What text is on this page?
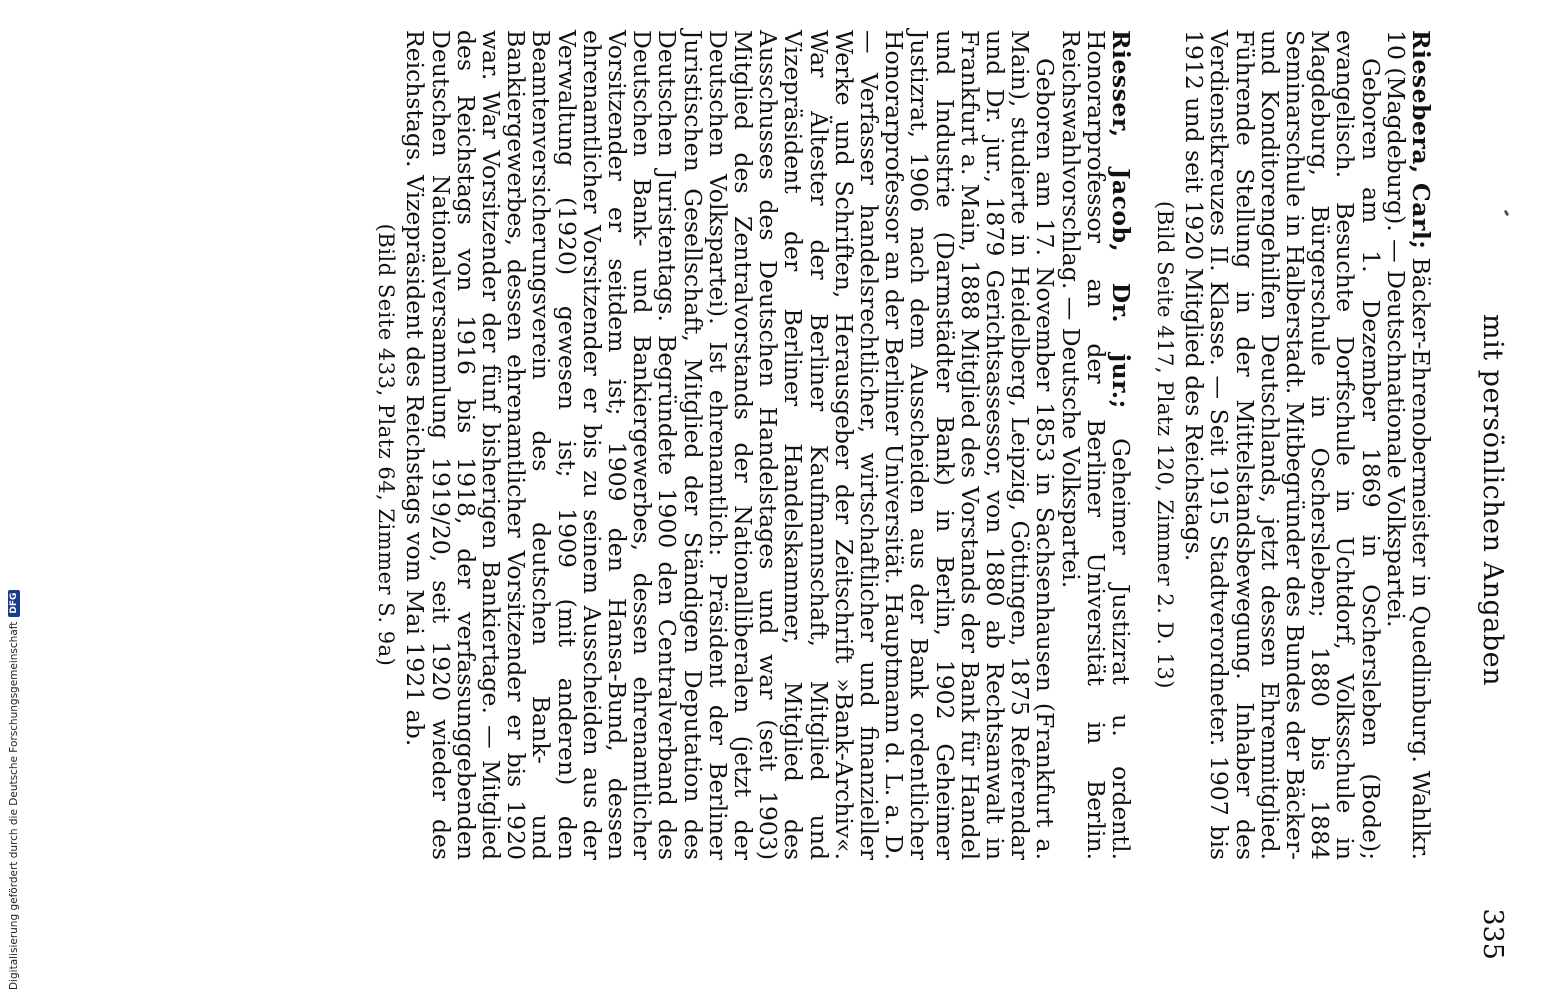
mit persönlichen Angaben
335

Riesebera, Carl; Bäcker-Ehrenobermeister in Quedlinburg. Wahlkr. 10 (Magdeburg). — Deutschnationale Volkspartei.

Geboren am 1. Dezember 1869 in Oschersleben (Bode); evangelisch. Besuchte Dorfschule in Uchtdorf, Volksschule in Magdeburg, Bürgerschule in Oschersleben; 1880 bis 1884 Seminarschule in Halberstadt. Mitbegründer des Bundes der Bäcker- und Konditorengehilfen Deutschlands, jetzt dessen Ehrenmitglied. Führende Stellung in der Mittelstandsbewegung. Inhaber des Verdienstkreuzes II. Klasse. — Seit 1915 Stadtverordneter. 1907 bis 1912 und seit 1920 Mitglied des Reichstags.

(Bild Seite 417, Platz 120, Zimmer 2. D. 13)

Riesser, Jacob, Dr. jur.; Geheimer Justizrat u. ordentl. Honorarprofessor an der Berliner Universität in Berlin. Reichswahlvorschlag. — Deutsche Volkspartei.

Geboren am 17. November 1853 in Sachsenhausen (Frankfurt a. Main), studierte in Heidelberg, Leipzig, Göttingen, 1875 Referendar und Dr. jur., 1879 Gerichtsassessor, von 1880 ab Rechtsanwalt in Frankfurt a. Main, 1888 Mitglied des Vorstands der Bank für Handel und Industrie (Darmstädter Bank) in Berlin, 1902 Geheimer Justizrat, 1906 nach dem Ausscheiden aus der Bank ordentlicher Honorarprofessor an der Berliner Universität. Hauptmann d. L. a. D. — Verfasser handelsrechtlicher, wirtschaftlicher und finanzieller Werke und Schriften, Herausgeber der Zeitschrift »Bank-Archiv«. War Ältester der Berliner Kaufmannschaft, Mitglied und Vizepräsident der Berliner Handelskammer, Mitglied des Ausschusses des Deutschen Handelstages und war (seit 1903) Mitglied des Zentralvorstands der Nationalliberalen (jetzt der Deutschen Volkspartei). Ist ehrenamtlich: Präsident der Berliner Juristischen Gesellschaft, Mitglied der Ständigen Deputation des Deutschen Juristentags. Begründete 1900 den Centralverband des Deutschen Bank- und Bankiergewerbes, dessen ehrenamtlicher Vorsitzender er seitdem ist; 1909 den Hansa-Bund, dessen ehrenamtlicher Vorsitzender er bis zu seinem Ausscheiden aus der Verwaltung (1920) gewesen ist; 1909 (mit anderen) den Beamtenversicherungsverein des deutschen Bank- und Bankiergewerbes, dessen ehrenamtlicher Vorsitzender er bis 1920 war. War Vorsitzender der fünf bisherigen Bankiertage. — Mitglied des Reichstags von 1916 bis 1918, der verfassunggebenden Deutschen Nationalversammlung 1919/20, seit 1920 wieder des Reichstags. Vizepräsident des Reichstags vom Mai 1921 ab.

(Bild Seite 433, Platz 64, Zimmer S. 9a)

Digitalisierung gefördert durch die Deutsche Forschungsgemeinschaft
DFG
